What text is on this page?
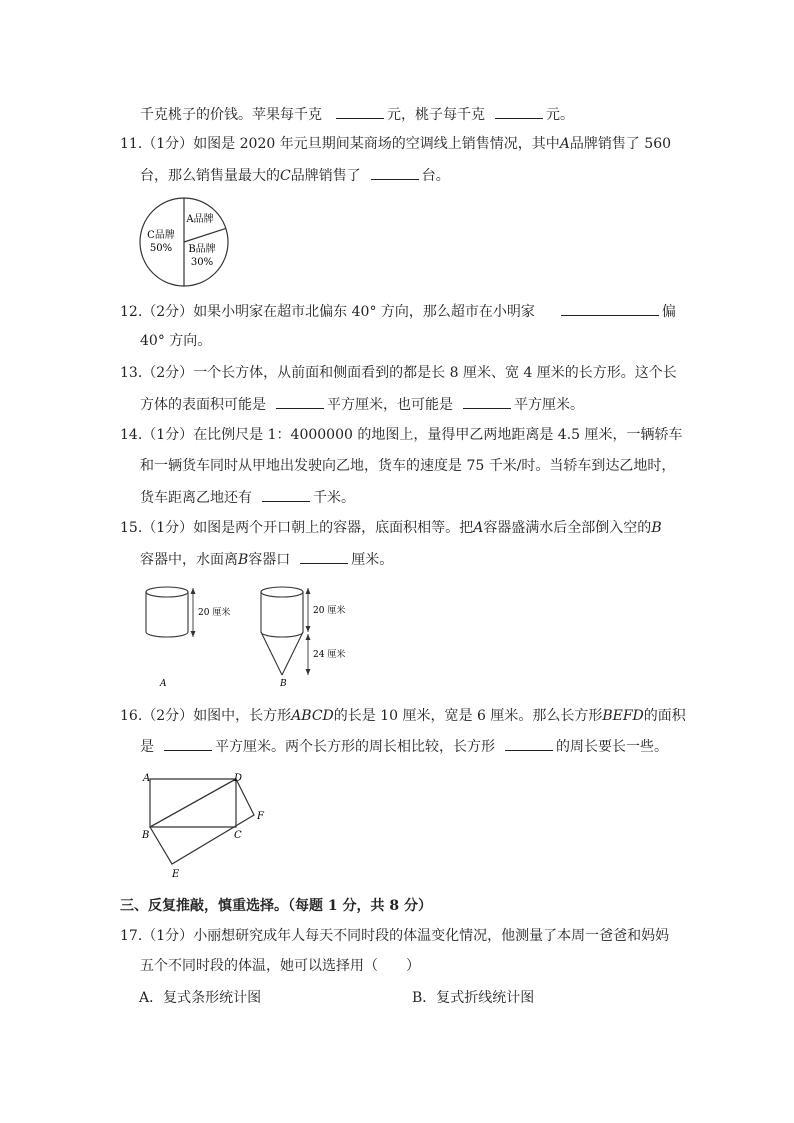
千克桃子的价钱。苹果每千克	元，桃子每千克	元。
11.（1分）如图是 2020 年元旦期间某商场的空调线上销售情况，其中A品牌销售了 560
台，那么销售量最大的C品牌销售了	台。
C品牌
50%
A品牌
B品牌
30%
12.（2分）如果小明家在超市北偏东 40° 方向，那么超市在小明家	偏
40° 方向。
13.（2分）一个长方体，从前面和侧面看到的都是长 8 厘米、宽 4 厘米的长方形。这个长
方体的表面积可能是	平方厘米，也可能是	平方厘米。
14.（1分）在比例尺是 1：4000000 的地图上，量得甲乙两地距离是 4.5 厘米，一辆轿车
和一辆货车同时从甲地出发驶向乙地，货车的速度是 75 千米/时。当轿车到达乙地时，
货车距离乙地还有	千米。
15.（1分）如图是两个开口朝上的容器，底面积相等。把A容器盛满水后全部倒入空的B
容器中，水面离B容器口	厘米。
20 厘米
A
20 厘米
24 厘米
B
16.（2分）如图中，长方形ABCD的长是 10 厘米，宽是 6 厘米。那么长方形BEFD的面积
是	平方厘米。两个长方形的周长相比较，长方形	的周长要长一些。
A	D
B	C
F
E
三、反复推敲，慎重选择。（每题 1 分，共 8 分）
17.（1分）小丽想研究成年人每天不同时段的体温变化情况，他测量了本周一爸爸和妈妈
五个不同时段的体温，她可以选择用（　　）
A．复式条形统计图	B．复式折线统计图
